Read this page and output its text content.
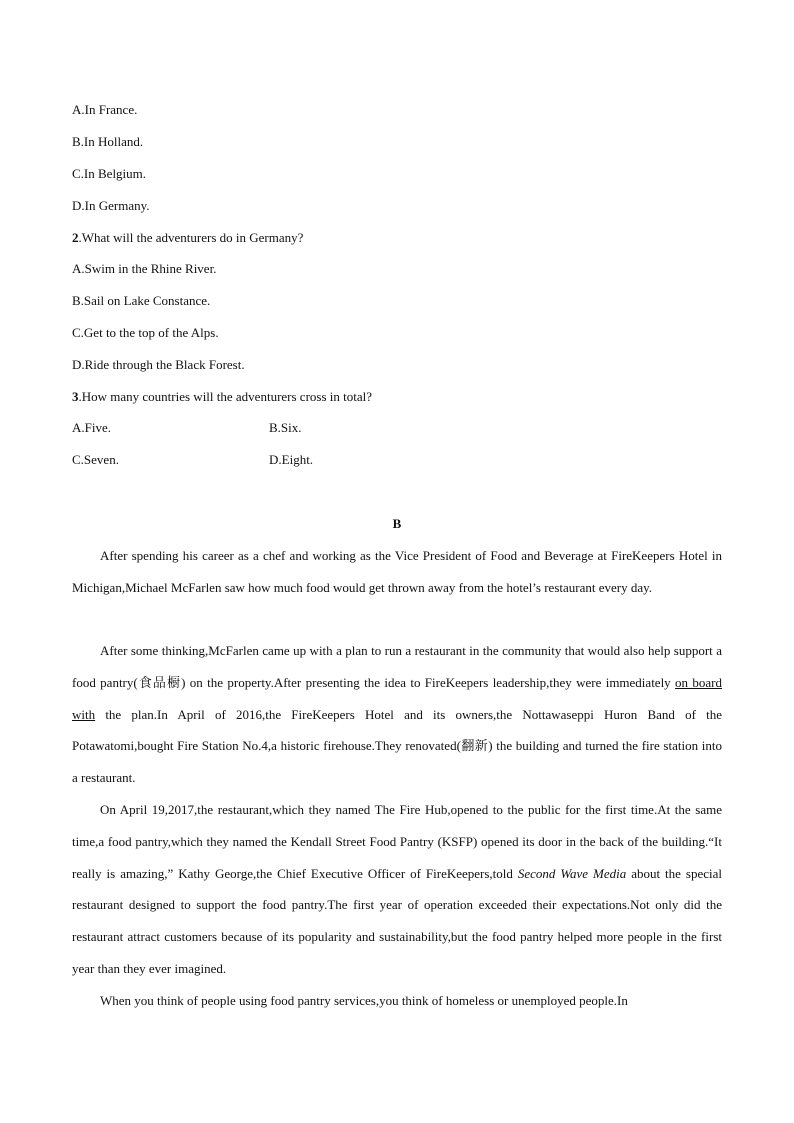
A.In France.
B.In Holland.
C.In Belgium.
D.In Germany.
2.What will the adventurers do in Germany?
A.Swim in the Rhine River.
B.Sail on Lake Constance.
C.Get to the top of the Alps.
D.Ride through the Black Forest.
3.How many countries will the adventurers cross in total?
A.Five.	B.Six.
C.Seven.	D.Eight.
B
After spending his career as a chef and working as the Vice President of Food and Beverage at FireKeepers Hotel in Michigan,Michael McFarlen saw how much food would get thrown away from the hotel’s restaurant every day.
After some thinking,McFarlen came up with a plan to run a restaurant in the community that would also help support a food pantry(食品橱) on the property.After presenting the idea to FireKeepers leadership,they were immediately on board with the plan.In April of 2016,the FireKeepers Hotel and its owners,the Nottawaseppi Huron Band of the Potawatomi,bought Fire Station No.4,a historic firehouse.They renovated(翻新) the building and turned the fire station into a restaurant.
On April 19,2017,the restaurant,which they named The Fire Hub,opened to the public for the first time.At the same time,a food pantry,which they named the Kendall Street Food Pantry (KSFP) opened its door in the back of the building.“It really is amazing,” Kathy George,the Chief Executive Officer of FireKeepers,told Second Wave Media about the special restaurant designed to support the food pantry.The first year of operation exceeded their expectations.Not only did the restaurant attract customers because of its popularity and sustainability,but the food pantry helped more people in the first year than they ever imagined.
When you think of people using food pantry services,you think of homeless or unemployed people.In
